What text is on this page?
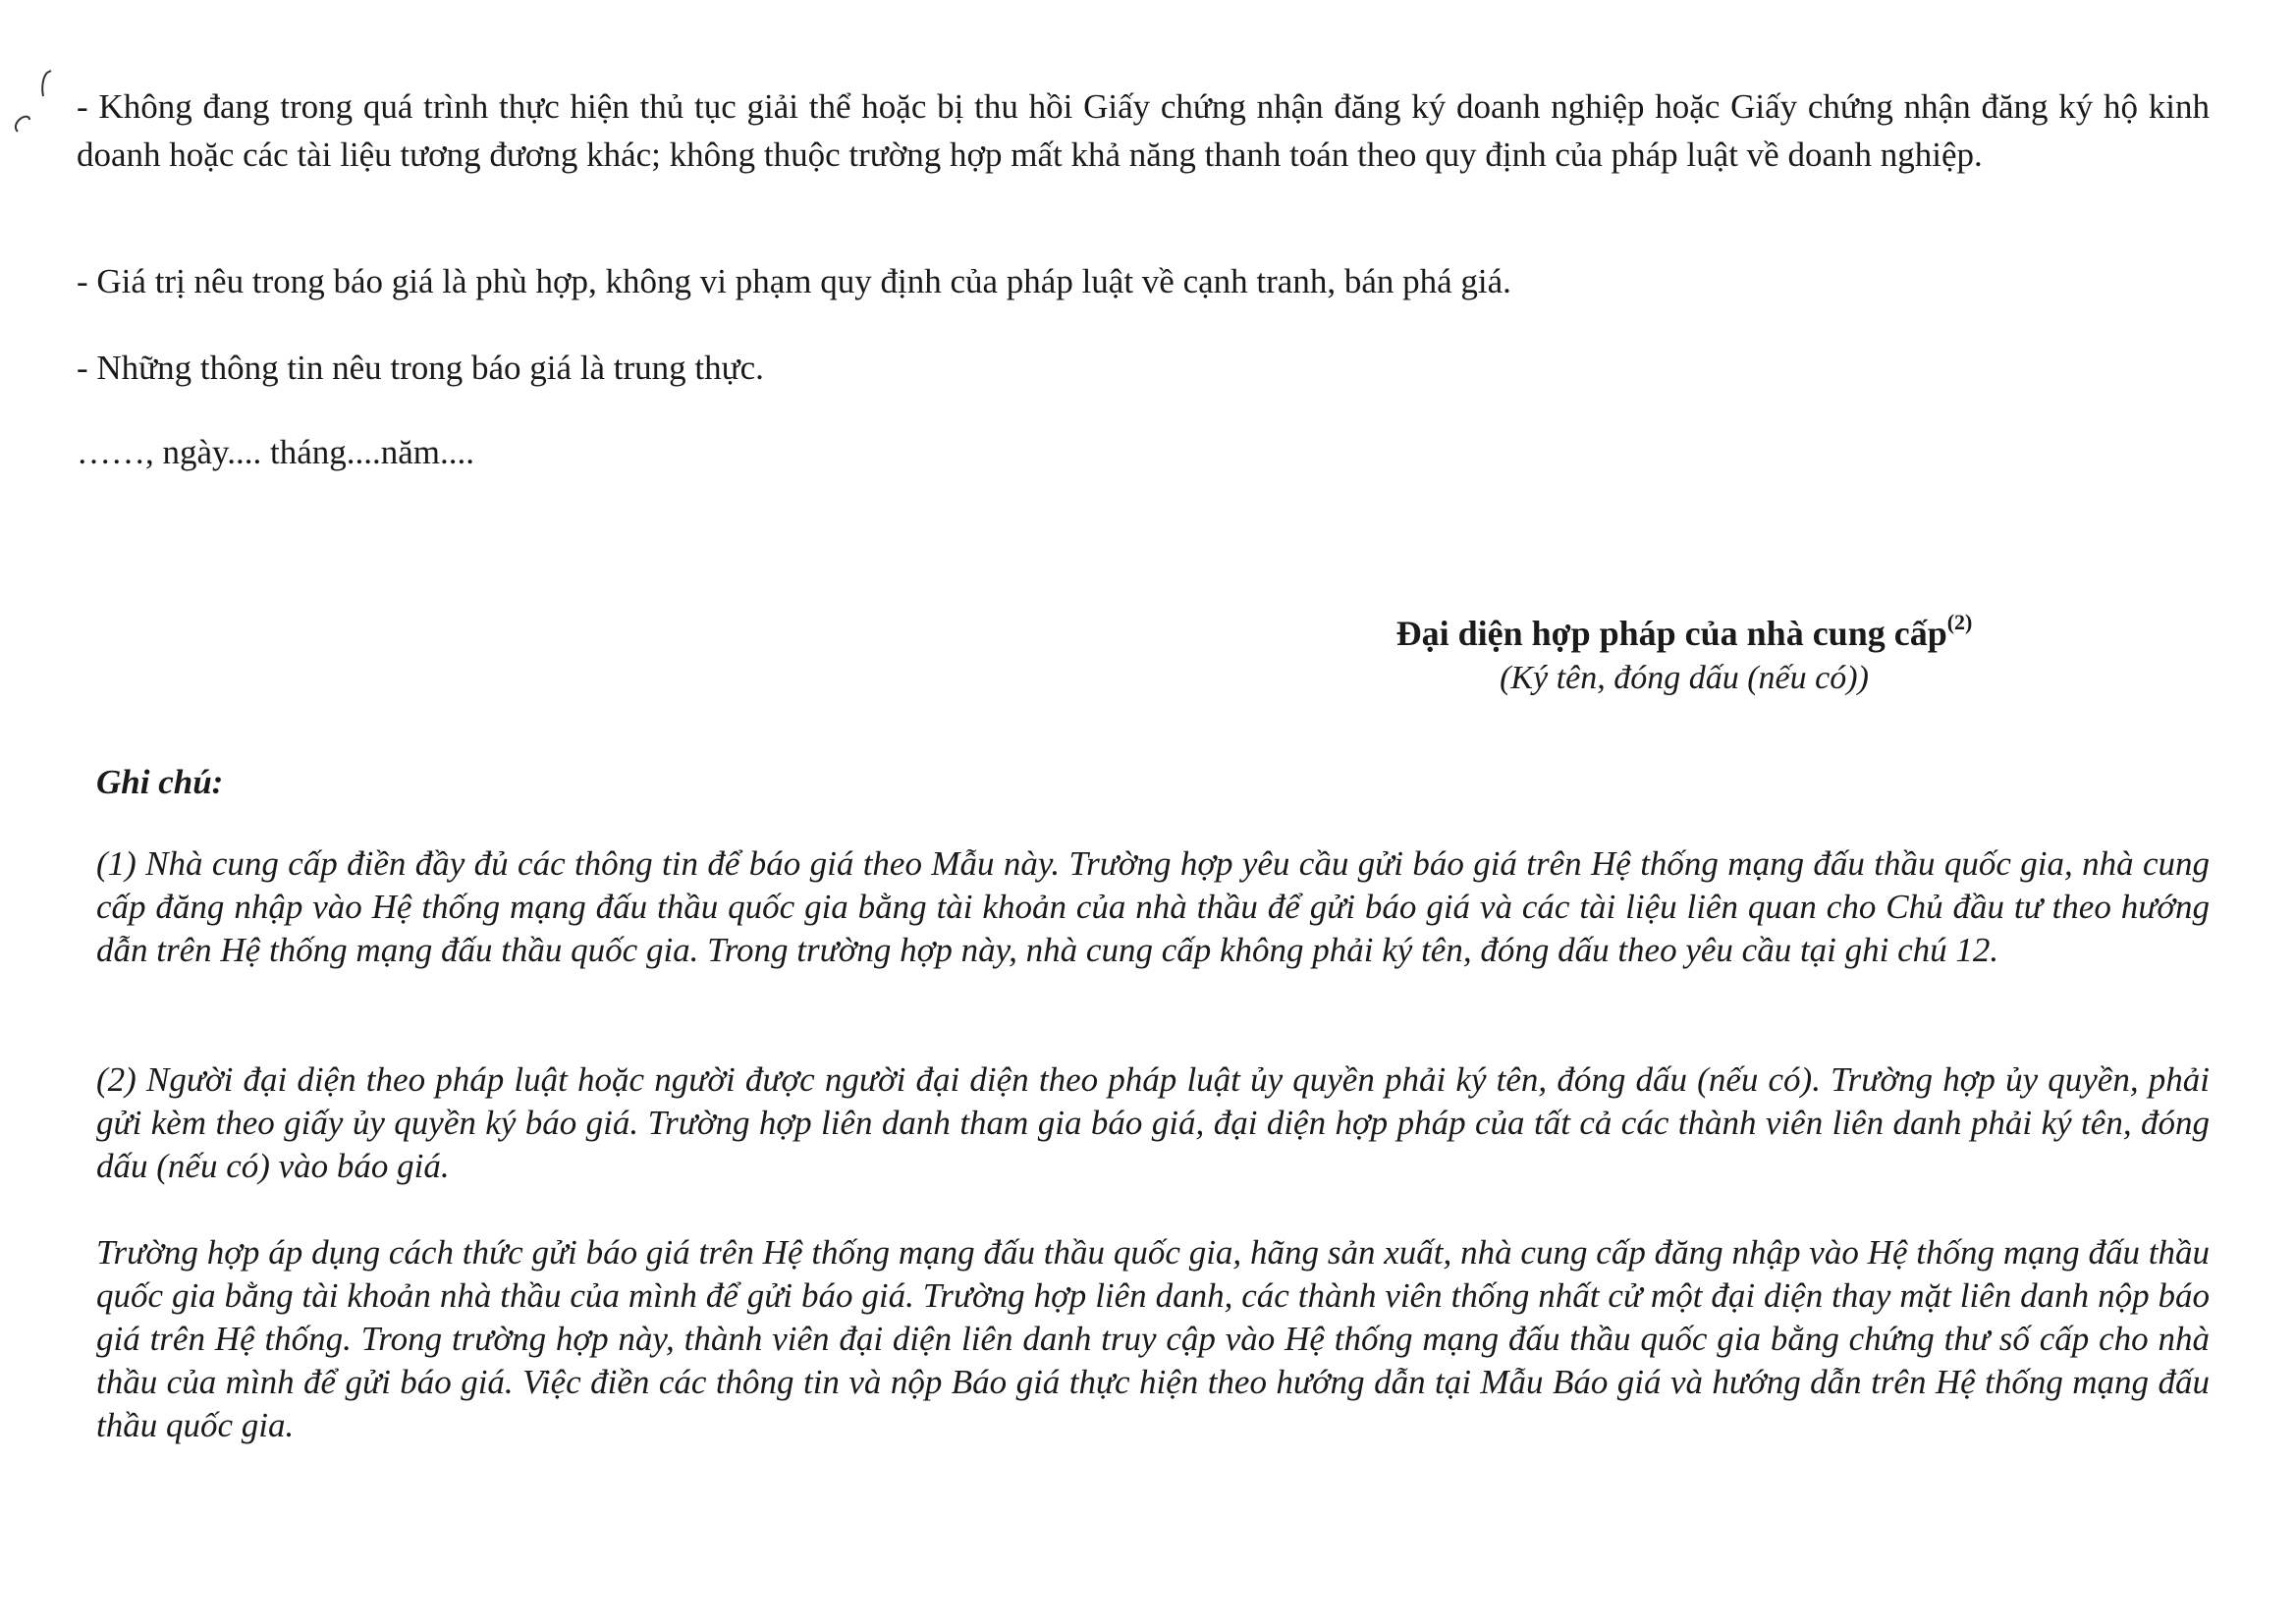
- Không đang trong quá trình thực hiện thủ tục giải thể hoặc bị thu hồi Giấy chứng nhận đăng ký doanh nghiệp hoặc Giấy chứng nhận đăng ký hộ kinh doanh hoặc các tài liệu tương đương khác; không thuộc trường hợp mất khả năng thanh toán theo quy định của pháp luật về doanh nghiệp.

- Giá trị nêu trong báo giá là phù hợp, không vi phạm quy định của pháp luật về cạnh tranh, bán phá giá.

- Những thông tin nêu trong báo giá là trung thực.

……, ngày.... tháng....năm....

Đại diện hợp pháp của nhà cung cấp$^{(2)}$

(Ký tên, đóng dấu (nếu có))

Ghi chú:

(1) Nhà cung cấp điền đầy đủ các thông tin để báo giá theo Mẫu này. Trường hợp yêu cầu gửi báo giá trên Hệ thống mạng đấu thầu quốc gia, nhà cung cấp đăng nhập vào Hệ thống mạng đấu thầu quốc gia bằng tài khoản của nhà thầu để gửi báo giá và các tài liệu liên quan cho Chủ đầu tư theo hướng dẫn trên Hệ thống mạng đấu thầu quốc gia. Trong trường hợp này, nhà cung cấp không phải ký tên, đóng dấu theo yêu cầu tại ghi chú 12.

(2) Người đại diện theo pháp luật hoặc người được người đại diện theo pháp luật ủy quyền phải ký tên, đóng dấu (nếu có). Trường hợp ủy quyền, phải gửi kèm theo giấy ủy quyền ký báo giá. Trường hợp liên danh tham gia báo giá, đại diện hợp pháp của tất cả các thành viên liên danh phải ký tên, đóng dấu (nếu có) vào báo giá.

Trường hợp áp dụng cách thức gửi báo giá trên Hệ thống mạng đấu thầu quốc gia, hãng sản xuất, nhà cung cấp đăng nhập vào Hệ thống mạng đấu thầu quốc gia bằng tài khoản nhà thầu của mình để gửi báo giá. Trường hợp liên danh, các thành viên thống nhất cử một đại diện thay mặt liên danh nộp báo giá trên Hệ thống. Trong trường hợp này, thành viên đại diện liên danh truy cập vào Hệ thống mạng đấu thầu quốc gia bằng chứng thư số cấp cho nhà thầu của mình để gửi báo giá. Việc điền các thông tin và nộp Báo giá thực hiện theo hướng dẫn tại Mẫu Báo giá và hướng dẫn trên Hệ thống mạng đấu thầu quốc gia.
